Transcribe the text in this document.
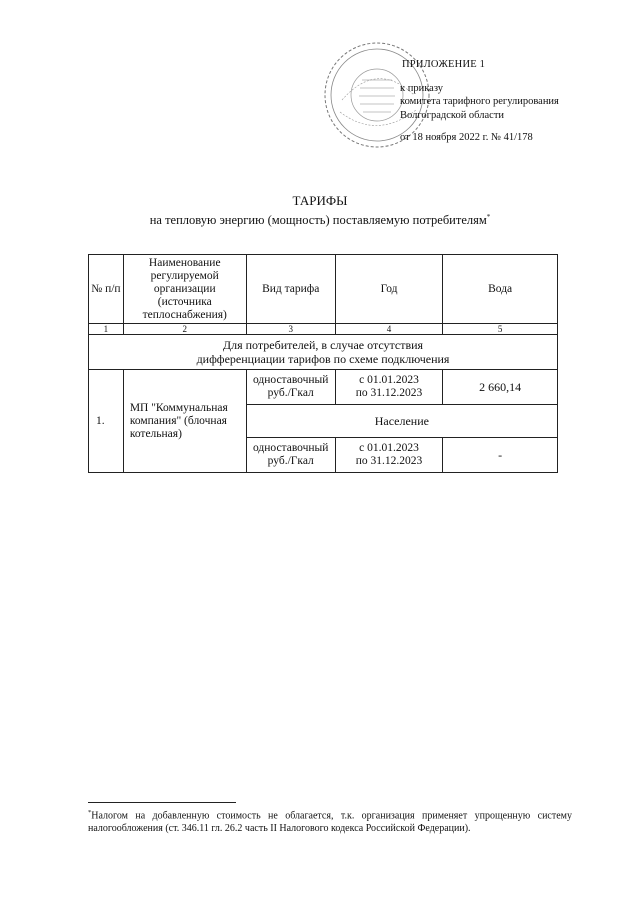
ПРИЛОЖЕНИЕ 1
к приказу
комитета тарифного регулирования
Волгоградской области
от 18 ноября 2022 г. № 41/178
ТАРИФЫ
на тепловую энергию (мощность) поставляемую потребителям*
№ п/п	Наименование регулируемой организации (источника теплоснабжения)	Вид тарифа	Год	Вода
1	2	3	4	5

Для потребителей, в случае отсутствия
дифференциации тарифов по схеме подключения				

1.	МП "Коммунальная компания" (блочная котельная)	одноставочный руб./Гкал	с 01.01.2023
по 31.12.2023	2 660,14
		Население		
		одноставочный руб./Гкал	с 01.01.2023
по 31.12.2023	-
*Налогом на добавленную стоимость не облагается, т.к. организация применяет упрощенную систему налогообложения (ст. 346.11 гл. 26.2 часть II Налогового кодекса Российской Федерации).
